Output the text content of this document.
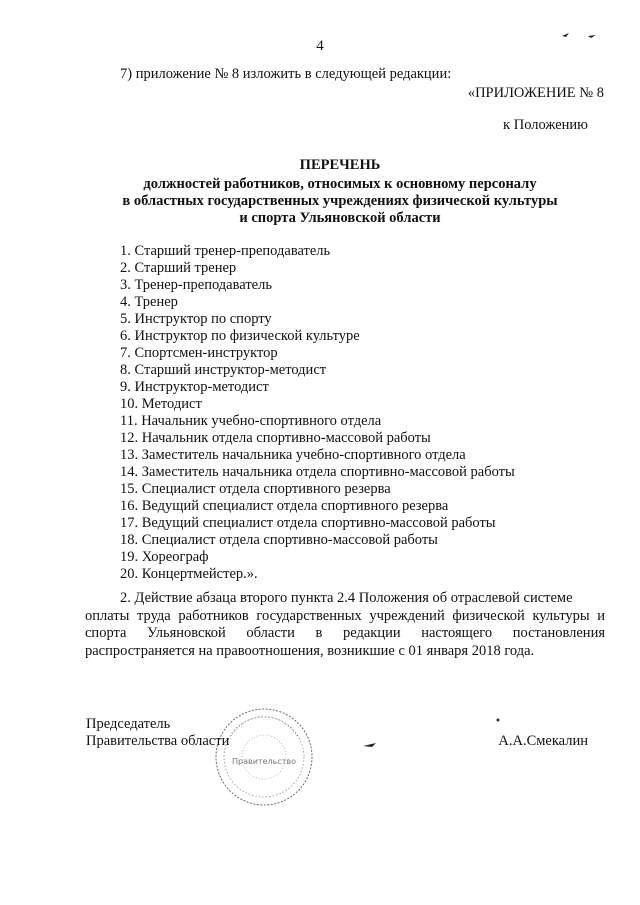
4
7) приложение № 8 изложить в следующей редакции:
«ПРИЛОЖЕНИЕ № 8
к Положению
ПЕРЕЧЕНЬ
должностей работников, относимых к основному персоналу
в областных государственных учреждениях физической культуры
и спорта Ульяновской области
1. Старший тренер-преподаватель
2. Старший тренер
3. Тренер-преподаватель
4. Тренер
5. Инструктор по спорту
6. Инструктор по физической культуре
7. Спортсмен-инструктор
8. Старший инструктор-методист
9. Инструктор-методист
10. Методист
11. Начальник учебно-спортивного отдела
12. Начальник отдела спортивно-массовой работы
13. Заместитель начальника учебно-спортивного отдела
14. Заместитель начальника отдела спортивно-массовой работы
15. Специалист отдела спортивного резерва
16. Ведущий специалист отдела спортивного резерва
17. Ведущий специалист отдела спортивно-массовой работы
18. Специалист отдела спортивно-массовой работы
19. Хореограф
20. Концертмейстер.».
2. Действие абзаца второго пункта 2.4 Положения об отраслевой системе
оплаты труда работников государственных учреждений физической культуры и спорта Ульяновской области в редакции настоящего постановления распространяется на правоотношения, возникшие с 01 января 2018 года.
Правительство
Председатель
Правительства области	А.А.Смекалин
